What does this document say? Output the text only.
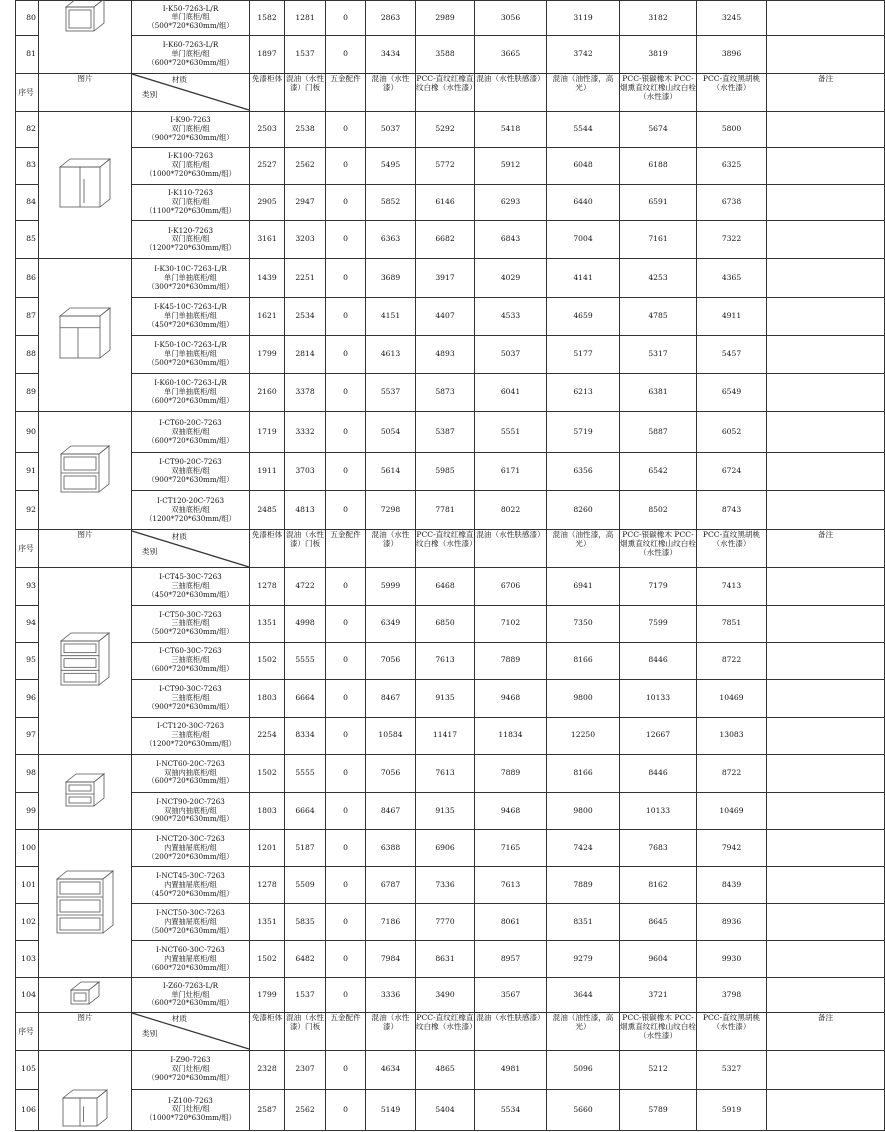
80		I-K50-7263-L/R
单门底柜/组
（500*720*630mm/组）	1582	1281	0	2863	2989	3056	3119	3182	3245	
81		I-K60-7263-L/R
单门底柜/组
（600*720*630mm/组）	1897	1537	0	3434	3588	3665	3742	3819	3896	
序号	图片	材质
类别	免漆柜体	混油（水性漆）门板	五金配件	混油（水性漆）	PCC-直纹红橡直纹白橡（水性漆）	混油（水性肤感漆）	混油（油性漆，高光）	PCC-银碳橡木 PCC-烟熏直纹红橡山纹白栓（水性漆）	PCC-直纹黑胡桃（水性漆）	备注
82		I-K90-7263
双门底柜/组
（900*720*630mm/组）	2503	2538	0	5037	5292	5418	5544	5674	5800	
83		I-K100-7263
双门底柜/组
（1000*720*630mm/组）	2527	2562	0	5495	5772	5912	6048	6188	6325	
84		I-K110-7263
双门底柜/组
（1100*720*630mm/组）	2905	2947	0	5852	6146	6293	6440	6591	6738	
85		I-K120-7263
双门底柜/组
（1200*720*630mm/组）	3161	3203	0	6363	6682	6843	7004	7161	7322	
86		I-K30-10C-7263-L/R
单门单抽底柜/组
（300*720*630mm/组）	1439	2251	0	3689	3917	4029	4141	4253	4365	
87		I-K45-10C-7263-L/R
单门单抽底柜/组
（450*720*630mm/组）	1621	2534	0	4151	4407	4533	4659	4785	4911	
88		I-K50-10C-7263-L/R
单门单抽底柜/组
（500*720*630mm/组）	1799	2814	0	4613	4893	5037	5177	5317	5457	
89		I-K60-10C-7263-L/R
单门单抽底柜/组
（600*720*630mm/组）	2160	3378	0	5537	5873	6041	6213	6381	6549	
90		I-CT60-20C-7263
双抽底柜/组
（600*720*630mm/组）	1719	3332	0	5054	5387	5551	5719	5887	6052	
91		I-CT90-20C-7263
双抽底柜/组
（900*720*630mm/组）	1911	3703	0	5614	5985	6171	6356	6542	6724	
92		I-CT120-20C-7263
双抽底柜/组
（1200*720*630mm/组）	2485	4813	0	7298	7781	8022	8260	8502	8743	
序号	图片	材质
类别	免漆柜体	混油（水性漆）门板	五金配件	混油（水性漆）	PCC-直纹红橡直纹白橡（水性漆）	混油（水性肤感漆）	混油（油性漆，高光）	PCC-银碳橡木 PCC-烟熏直纹红橡山纹白栓（水性漆）	PCC-直纹黑胡桃（水性漆）	备注
93		I-CT45-30C-7263
三抽底柜/组
（450*720*630mm/组）	1278	4722	0	5999	6468	6706	6941	7179	7413	
94		I-CT50-30C-7263
三抽底柜/组
（500*720*630mm/组）	1351	4998	0	6349	6850	7102	7350	7599	7851	
95		I-CT60-30C-7263
三抽底柜/组
（600*720*630mm/组）	1502	5555	0	7056	7613	7889	8166	8446	8722	
96		I-CT90-30C-7263
三抽底柜/组
（900*720*630mm/组）	1803	6664	0	8467	9135	9468	9800	10133	10469	
97		I-CT120-30C-7263
三抽底柜/组
（1200*720*630mm/组）	2254	8334	0	10584	11417	11834	12250	12667	13083	
98		I-NCT60-20C-7263
双抽内抽底柜/组
（600*720*630mm/组）	1502	5555	0	7056	7613	7889	8166	8446	8722	
99		I-NCT90-20C-7263
双抽内抽底柜/组
（900*720*630mm/组）	1803	6664	0	8467	9135	9468	9800	10133	10469	
100		I-NCT20-30C-7263
内置抽屉底柜/组
（200*720*630mm/组）	1201	5187	0	6388	6906	7165	7424	7683	7942	
101		I-NCT45-30C-7263
内置抽屉底柜/组
（450*720*630mm/组）	1278	5509	0	6787	7336	7613	7889	8162	8439	
102		I-NCT50-30C-7263
内置抽屉底柜/组
（500*720*630mm/组）	1351	5835	0	7186	7770	8061	8351	8645	8936	
103		I-NCT60-30C-7263
内置抽屉底柜/组
（600*720*630mm/组）	1502	6482	0	7984	8631	8957	9279	9604	9930	
104		I-Z60-7263-L/R
单门灶柜/组
（600*720*630mm/组）	1799	1537	0	3336	3490	3567	3644	3721	3798	
序号	图片	材质
类别	免漆柜体	混油（水性漆）门板	五金配件	混油（水性漆）	PCC-直纹红橡直纹白橡（水性漆）	混油（水性肤感漆）	混油（油性漆，高光）	PCC-银碳橡木 PCC-烟熏直纹红橡山纹白栓（水性漆）	PCC-直纹黑胡桃（水性漆）	备注
105		I-Z90-7263
双门灶柜/组
（900*720*630mm/组）	2328	2307	0	4634	4865	4981	5096	5212	5327	
106		I-Z100-7263
双门灶柜/组
（1000*720*630mm/组）	2587	2562	0	5149	5404	5534	5660	5789	5919	
